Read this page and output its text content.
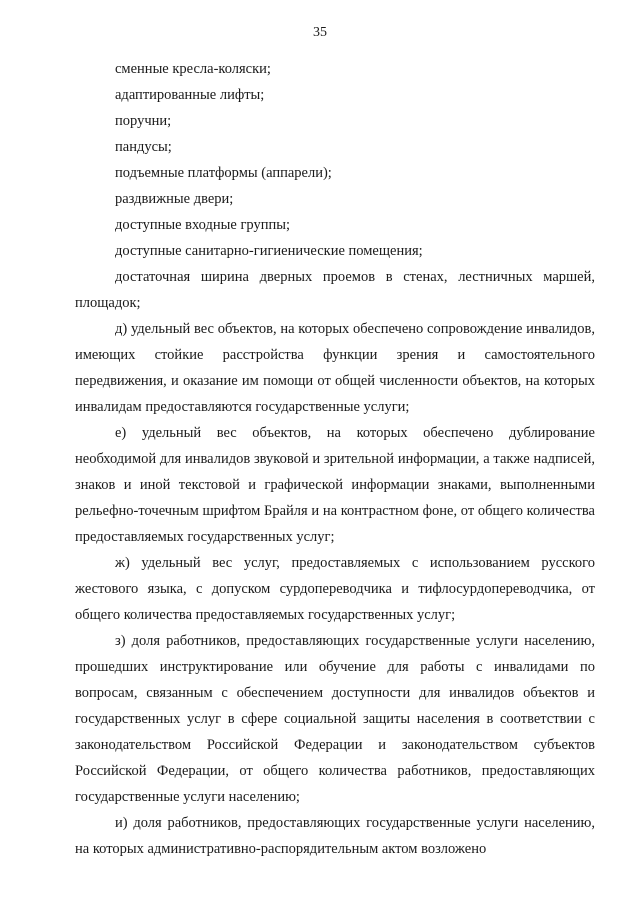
35

сменные кресла-коляски;

адаптированные лифты;

поручни;

пандусы;

подъемные платформы (аппарели);

раздвижные двери;

доступные входные группы;

доступные санитарно-гигиенические помещения;

достаточная ширина дверных проемов в стенах, лестничных маршей, площадок;

д) удельный вес объектов, на которых обеспечено сопровождение инвалидов, имеющих стойкие расстройства функции зрения и самостоятельного передвижения, и оказание им помощи от общей численности объектов, на которых инвалидам предоставляются государственные услуги;

е) удельный вес объектов, на которых обеспечено дублирование необходимой для инвалидов звуковой и зрительной информации, а также надписей, знаков и иной текстовой и графической информации знаками, выполненными рельефно-точечным шрифтом Брайля и на контрастном фоне, от общего количества предоставляемых государственных услуг;

ж) удельный вес услуг, предоставляемых с использованием русского жестового языка, с допуском сурдопереводчика и тифлосурдопереводчика, от общего количества предоставляемых государственных услуг;

з) доля работников, предоставляющих государственные услуги населению, прошедших инструктирование или обучение для работы с инвалидами по вопросам, связанным с обеспечением доступности для инвалидов объектов и государственных услуг в сфере социальной защиты населения в соответствии с законодательством Российской Федерации и законодательством субъектов Российской Федерации, от общего количества работников, предоставляющих государственные услуги населению;

и) доля работников, предоставляющих государственные услуги населению, на которых административно-распорядительным актом возложено
